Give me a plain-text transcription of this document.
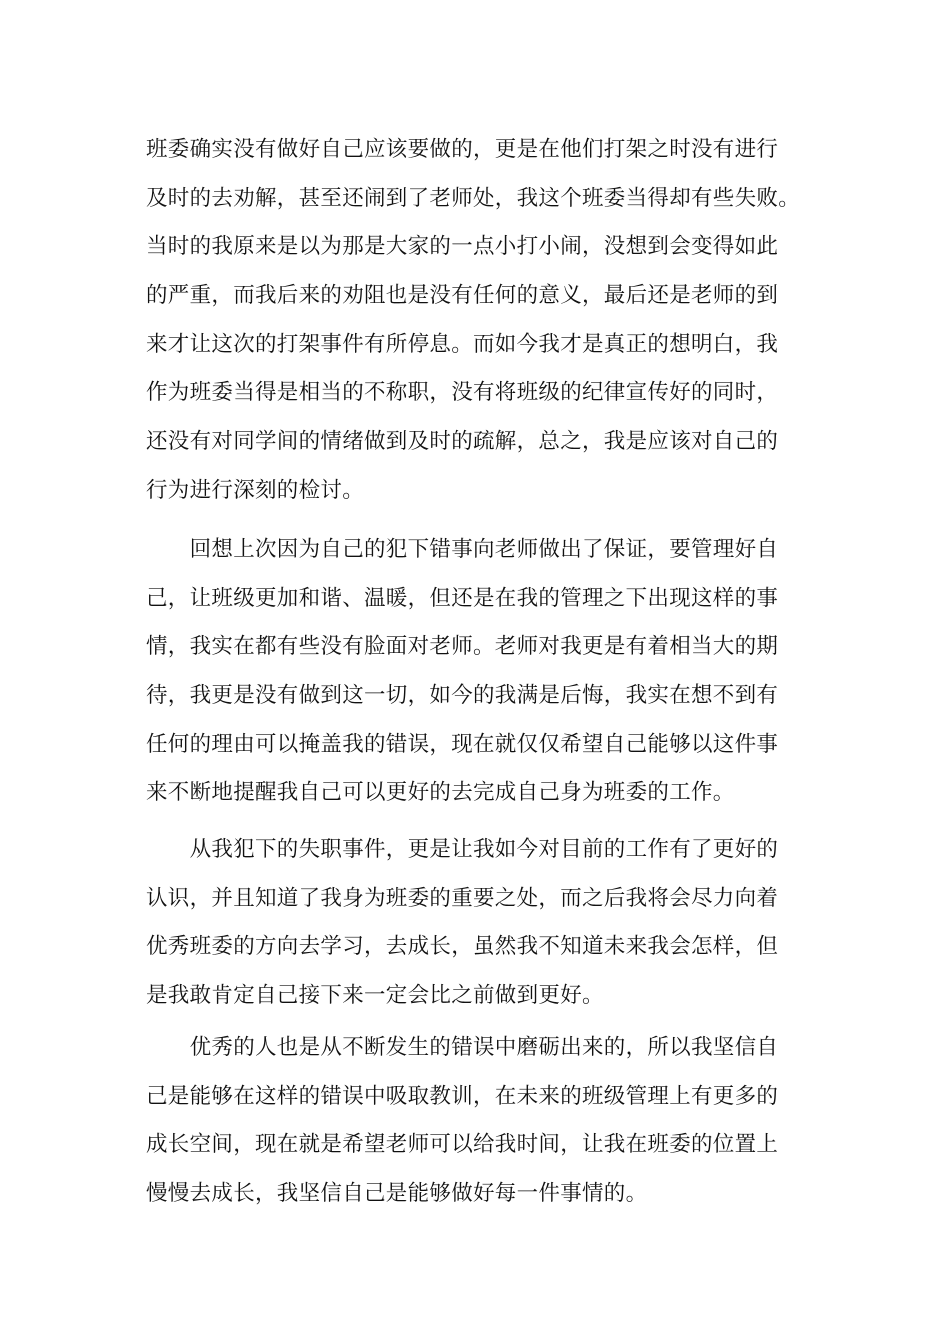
班委确实没有做好自己应该要做的，更是在他们打架之时没有进行
及时的去劝解，甚至还闹到了老师处，我这个班委当得却有些失败。
当时的我原来是以为那是大家的一点小打小闹，没想到会变得如此
的严重，而我后来的劝阻也是没有任何的意义，最后还是老师的到
来才让这次的打架事件有所停息。而如今我才是真正的想明白，我
作为班委当得是相当的不称职，没有将班级的纪律宣传好的同时，
还没有对同学间的情绪做到及时的疏解，总之，我是应该对自己的
行为进行深刻的检讨。
　　回想上次因为自己的犯下错事向老师做出了保证，要管理好自
己，让班级更加和谐、温暖，但还是在我的管理之下出现这样的事
情，我实在都有些没有脸面对老师。老师对我更是有着相当大的期
待，我更是没有做到这一切，如今的我满是后悔，我实在想不到有
任何的理由可以掩盖我的错误，现在就仅仅希望自己能够以这件事
来不断地提醒我自己可以更好的去完成自己身为班委的工作。
　　从我犯下的失职事件，更是让我如今对目前的工作有了更好的
认识，并且知道了我身为班委的重要之处，而之后我将会尽力向着
优秀班委的方向去学习，去成长，虽然我不知道未来我会怎样，但
是我敢肯定自己接下来一定会比之前做到更好。
　　优秀的人也是从不断发生的错误中磨砺出来的，所以我坚信自
己是能够在这样的错误中吸取教训，在未来的班级管理上有更多的
成长空间，现在就是希望老师可以给我时间，让我在班委的位置上
慢慢去成长，我坚信自己是能够做好每一件事情的。
